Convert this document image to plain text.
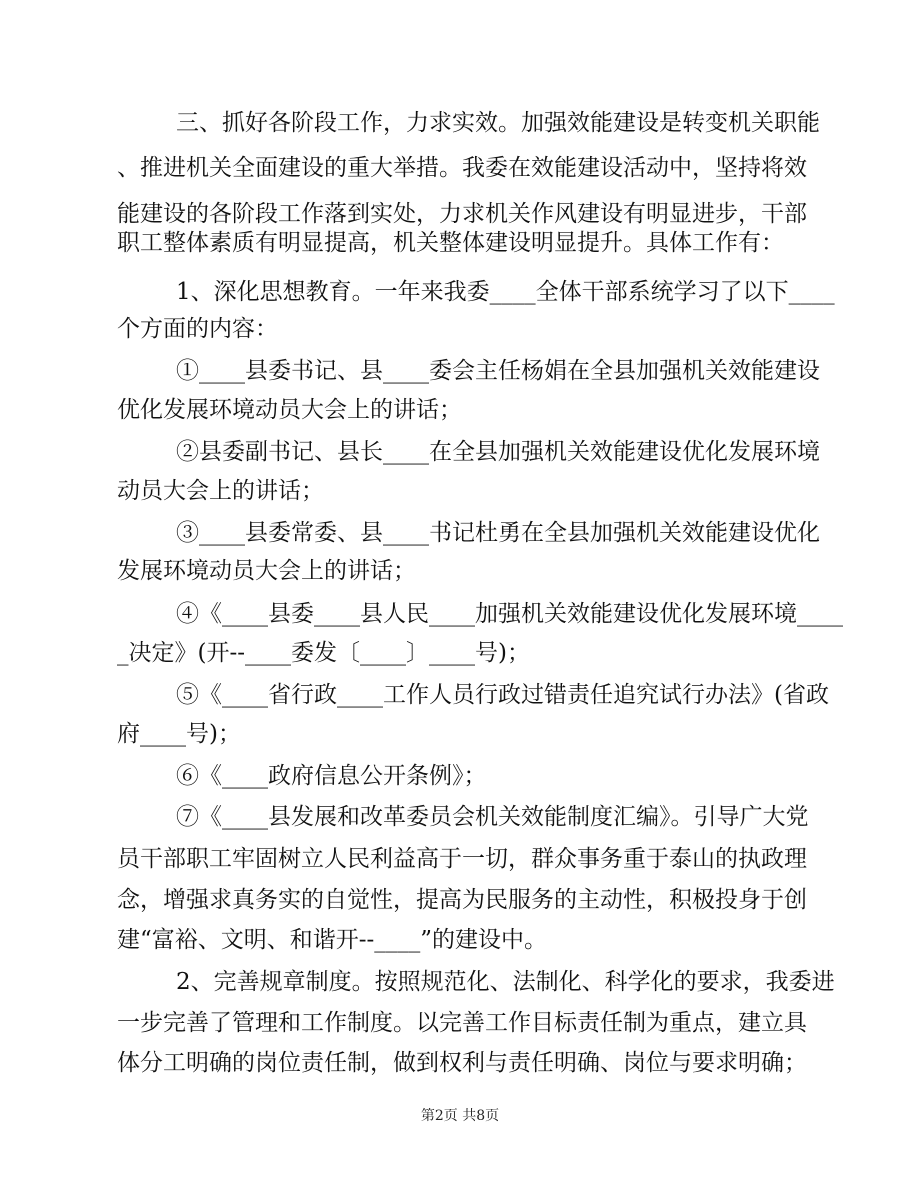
三、抓好各阶段工作，力求实效。加强效能建设是转变机关职能
、推进机关全面建设的重大举措。我委在效能建设活动中，坚持将效
能建设的各阶段工作落到实处，力求机关作风建设有明显进步，干部
职工整体素质有明显提高，机关整体建设明显提升。具体工作有：
1、深化思想教育。一年来我委____全体干部系统学习了以下____
个方面的内容：
①____县委书记、县____委会主任杨娟在全县加强机关效能建设
优化发展环境动员大会上的讲话；
②县委副书记、县长____在全县加强机关效能建设优化发展环境
动员大会上的讲话；
③____县委常委、县____书记杜勇在全县加强机关效能建设优化
发展环境动员大会上的讲话；
④《____县委____县人民____加强机关效能建设优化发展环境____
_决定》(开--____委发〔____〕____号)；
⑤《____省行政____工作人员行政过错责任追究试行办法》(省政
府____号)；
⑥《____政府信息公开条例》；
⑦《____县发展和改革委员会机关效能制度汇编》。引导广大党
员干部职工牢固树立人民利益高于一切，群众事务重于泰山的执政理
念，增强求真务实的自觉性，提高为民服务的主动性，积极投身于创
建“富裕、文明、和谐开--____”的建设中。
2、完善规章制度。按照规范化、法制化、科学化的要求，我委进
一步完善了管理和工作制度。以完善工作目标责任制为重点，建立具
体分工明确的岗位责任制，做到权利与责任明确、岗位与要求明确；
第2页 共8页
